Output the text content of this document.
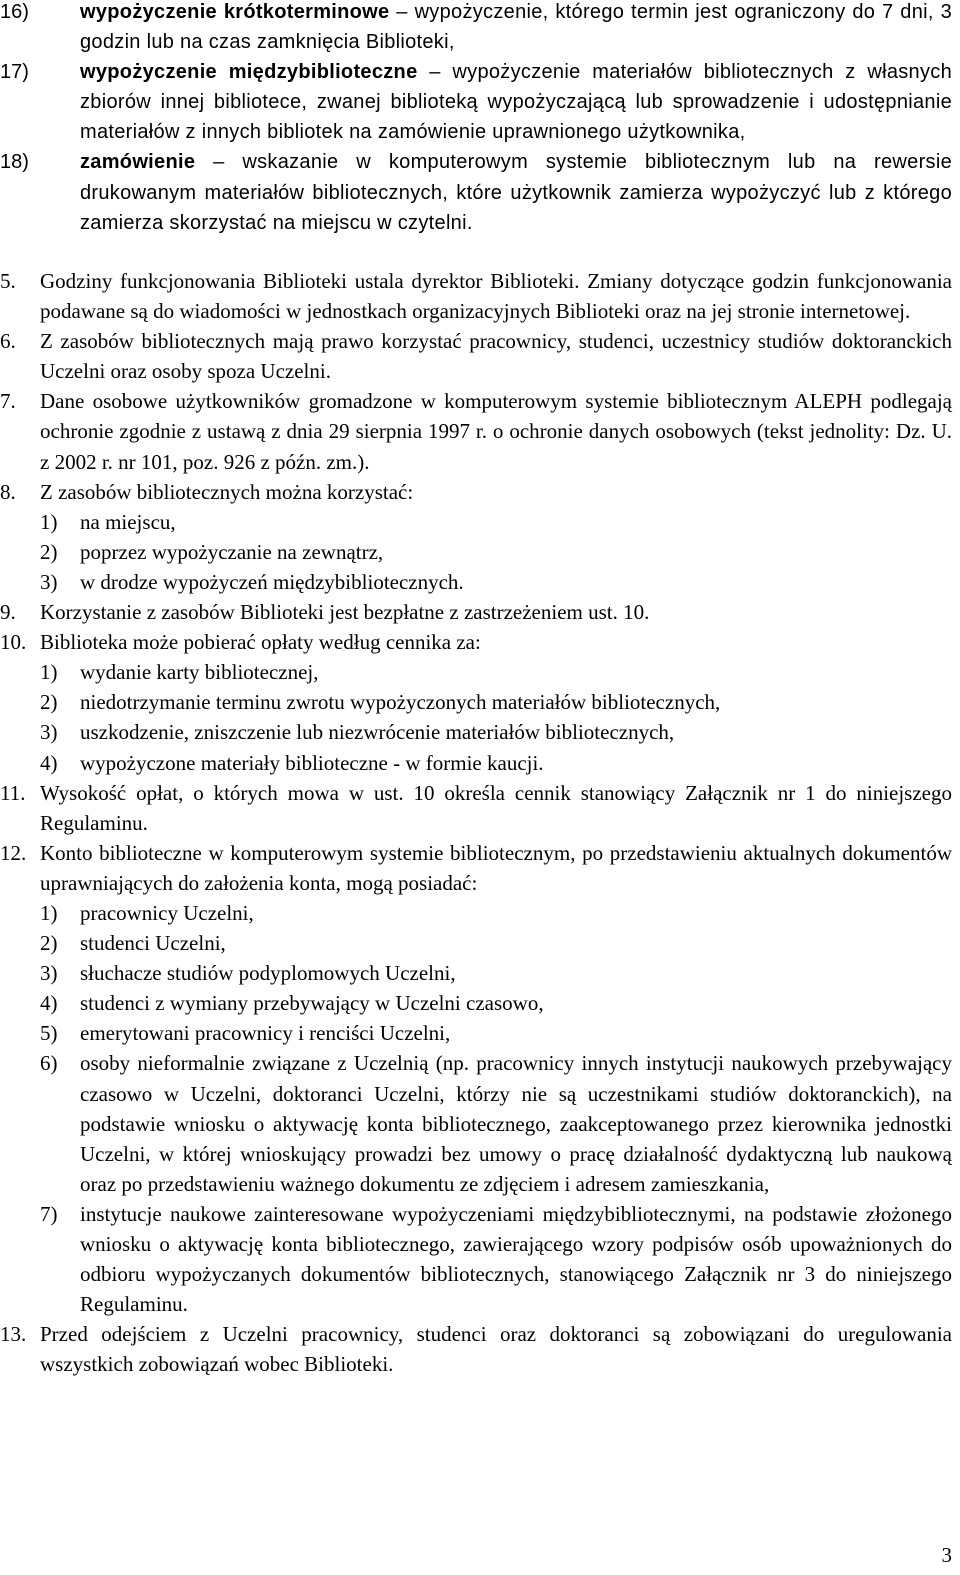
16)	wypożyczenie krótkoterminowe – wypożyczenie, którego termin jest ograniczony do 7 dni, 3 godzin lub na czas zamknięcia Biblioteki,
17)	wypożyczenie międzybiblioteczne – wypożyczenie materiałów bibliotecznych z własnych zbiorów innej bibliotece, zwanej biblioteką wypożyczającą lub sprowadzenie i udostępnianie materiałów z innych bibliotek na zamówienie uprawnionego użytkownika,
18)	zamówienie – wskazanie w komputerowym systemie bibliotecznym lub na rewersie drukowanym materiałów bibliotecznych, które użytkownik zamierza wypożyczyć lub z którego zamierza skorzystać na miejscu w czytelni.
5. Godziny funkcjonowania Biblioteki ustala dyrektor Biblioteki. Zmiany dotyczące godzin funkcjonowania podawane są do wiadomości w jednostkach organizacyjnych Biblioteki oraz na jej stronie internetowej.
6. Z zasobów bibliotecznych mają prawo korzystać pracownicy, studenci, uczestnicy studiów doktoranckich Uczelni oraz osoby spoza Uczelni.
7. Dane osobowe użytkowników gromadzone w komputerowym systemie bibliotecznym ALEPH podlegają ochronie zgodnie z ustawą z dnia 29 sierpnia 1997 r. o ochronie danych osobowych (tekst jednolity: Dz. U. z 2002 r. nr 101, poz. 926 z późn. zm.).
8. Z zasobów bibliotecznych można korzystać:
1) na miejscu,
2) poprzez wypożyczanie na zewnątrz,
3) w drodze wypożyczeń międzybibliotecznych.
9. Korzystanie z zasobów Biblioteki jest bezpłatne z zastrzeżeniem ust. 10.
10. Biblioteka może pobierać opłaty według cennika za:
1) wydanie karty bibliotecznej,
2) niedotrzymanie terminu zwrotu wypożyczonych materiałów bibliotecznych,
3) uszkodzenie, zniszczenie lub niezwrócenie materiałów bibliotecznych,
4) wypożyczone materiały biblioteczne - w formie kaucji.
11. Wysokość opłat, o których mowa w ust. 10 określa cennik stanowiący Załącznik nr 1 do niniejszego Regulaminu.
12. Konto biblioteczne w komputerowym systemie bibliotecznym, po przedstawieniu aktualnych dokumentów uprawniających do założenia konta, mogą posiadać:
1) pracownicy Uczelni,
2) studenci Uczelni,
3) słuchacze studiów podyplomowych Uczelni,
4) studenci z wymiany przebywający w Uczelni czasowo,
5) emerytowani pracownicy i renciści Uczelni,
6) osoby nieformalnie związane z Uczelnią (np. pracownicy innych instytucji naukowych przebywający czasowo w Uczelni, doktoranci Uczelni, którzy nie są uczestnikami studiów doktoranckich), na podstawie wniosku o aktywację konta bibliotecznego, zaakceptowanego przez kierownika jednostki Uczelni, w której wnioskujący prowadzi bez umowy o pracę działalność dydaktyczną lub naukową oraz po przedstawieniu ważnego dokumentu ze zdjęciem i adresem zamieszkania,
7) instytucje naukowe zainteresowane wypożyczeniami międzybibliotecznymi, na podstawie złożonego wniosku o aktywację konta bibliotecznego, zawierającego wzory podpisów osób upoważnionych do odbioru wypożyczanych dokumentów bibliotecznych, stanowiącego Załącznik nr 3 do niniejszego Regulaminu.
13. Przed odejściem z Uczelni pracownicy, studenci oraz doktoranci są zobowiązani do uregulowania wszystkich zobowiązań wobec Biblioteki.
3
